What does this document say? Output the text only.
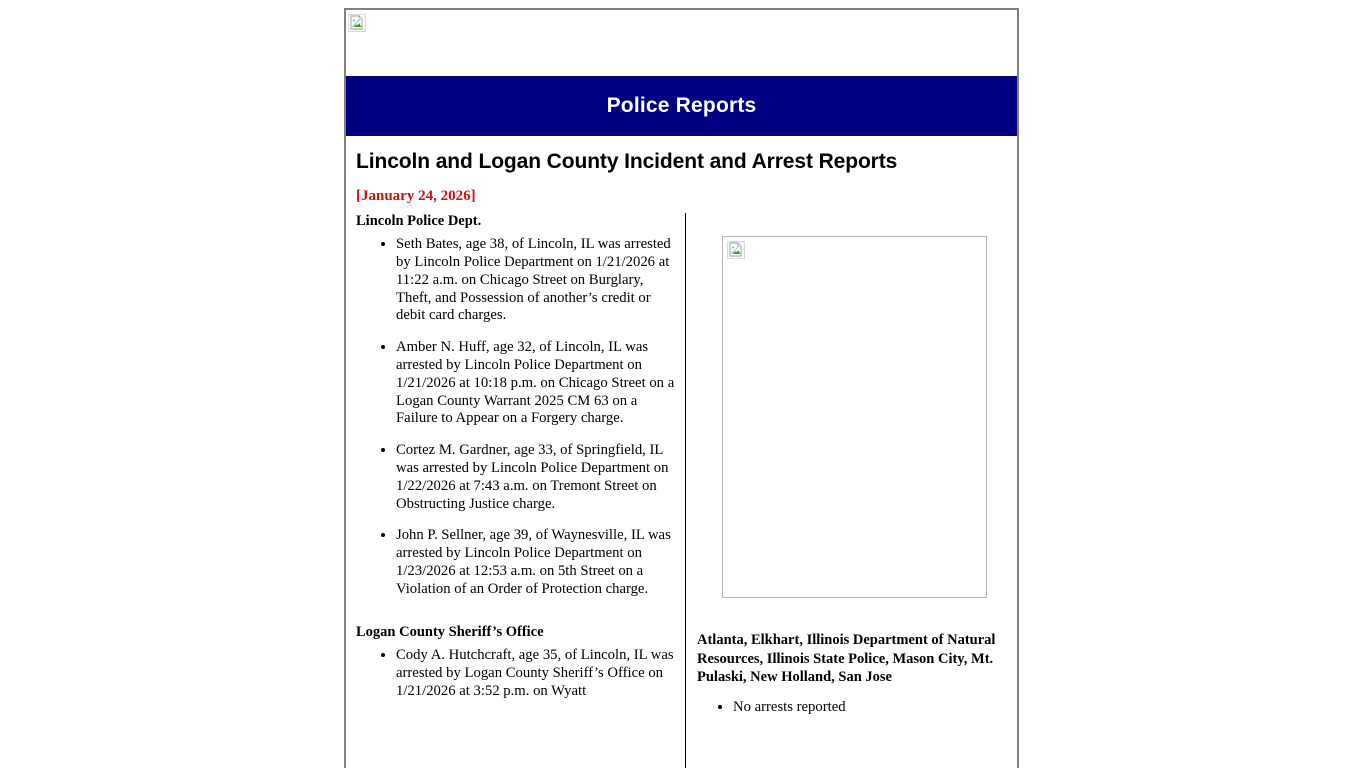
Police Reports
Lincoln and Logan County Incident and Arrest Reports
[January 24, 2026]
Lincoln Police Dept.
• Seth Bates, age 38, of Lincoln, IL was arrested by Lincoln Police Department on 1/21/2026 at 11:22 a.m. on Chicago Street on Burglary, Theft, and Possession of another’s credit or debit card charges.
• Amber N. Huff, age 32, of Lincoln, IL was arrested by Lincoln Police Department on 1/21/2026 at 10:18 p.m. on Chicago Street on a Logan County Warrant 2025 CM 63 on a Failure to Appear on a Forgery charge.
• Cortez M. Gardner, age 33, of Springfield, IL was arrested by Lincoln Police Department on 1/22/2026 at 7:43 a.m. on Tremont Street on Obstructing Justice charge.
• John P. Sellner, age 39, of Waynesville, IL was arrested by Lincoln Police Department on 1/23/2026 at 12:53 a.m. on 5th Street on a Violation of an Order of Protection charge.
Logan County Sheriff’s Office
• Cody A. Hutchcraft, age 35, of Lincoln, IL was arrested by Logan County Sheriff’s Office on 1/21/2026 at 3:52 p.m. on Wyatt
Atlanta, Elkhart, Illinois Department of Natural Resources, Illinois State Police, Mason City, Mt. Pulaski, New Holland, San Jose
• No arrests reported
